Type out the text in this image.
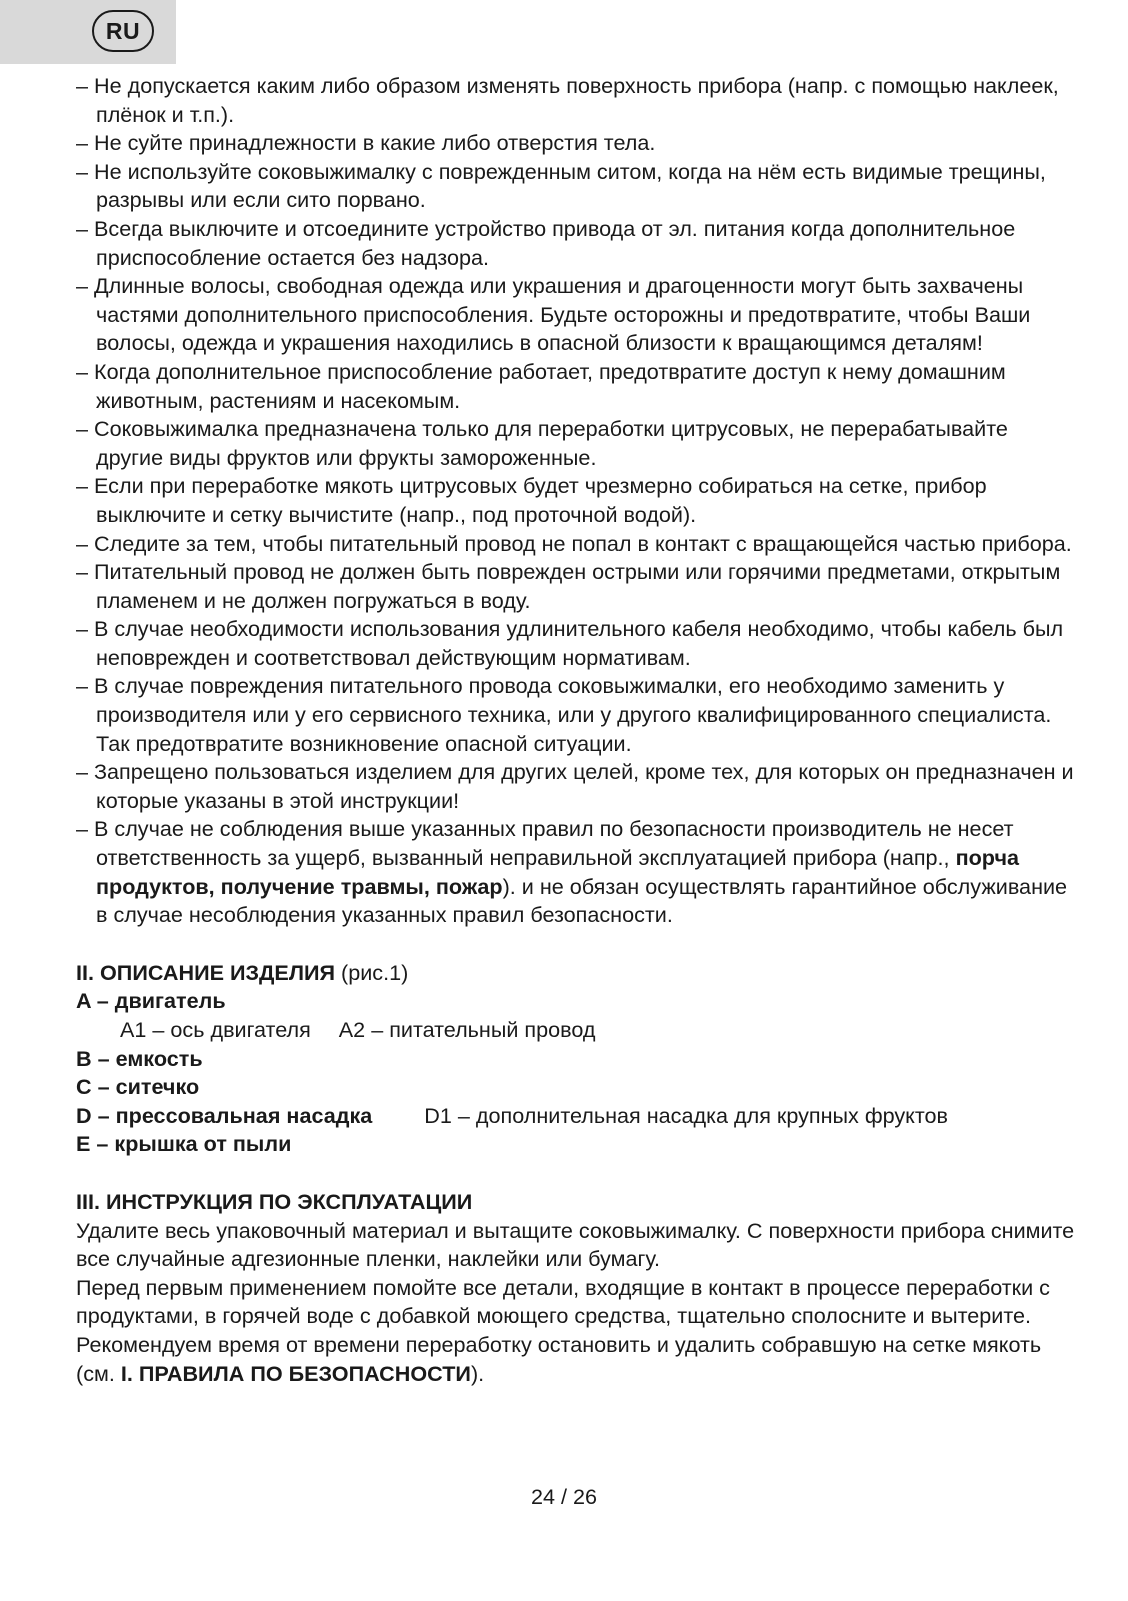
RU
– Не допускается каким либо образом изменять поверхность прибора (напр. с помощью наклеек, плёнок и т.п.).
– Не суйте принадлежности в какие либо отверстия тела.
– Не используйте соковыжималку с поврежденным ситом, когда на нём есть видимые трещины, разрывы или если сито порвано.
– Всегда выключите и отсоедините устройство привода от эл. питания когда дополнительное приспособление остается без надзора.
– Длинные волосы, свободная одежда или украшения и драгоценности могут быть захвачены частями дополнительного приспособления. Будьте осторожны и предотвратите, чтобы Ваши волосы, одежда и украшения находились в опасной близости к вращающимся деталям!
– Когда дополнительное приспособление работает, предотвратите доступ к нему домашним животным, растениям и насекомым.
– Соковыжималка предназначена только для переработки цитрусовых, не перерабатывайте другие виды фруктов или фрукты замороженные.
– Если при переработке мякоть цитрусовых будет чрезмерно собираться на сетке, прибор выключите и сетку вычистите (напр., под проточной водой).
– Следите за тем, чтобы питательный провод не попал в контакт с вращающейся частью прибора.
– Питательный провод не должен быть поврежден острыми или горячими предметами, открытым пламенем и не должен погружаться в воду.
– В случае необходимости использования удлинительного кабеля необходимо, чтобы кабель был неповрежден и соответствовал действующим нормативам.
– В случае повреждения питательного провода соковыжималки, его необходимо заменить у производителя или у его сервисного техника, или у другого квалифицированного специалиста. Так предотвратите возникновение опасной ситуации.
– Запрещено пользоваться изделием для других целей, кроме тех, для которых он предназначен и которые указаны в этой инструкции!
– В случае не соблюдения выше указанных правил по безопасности производитель не несет ответственность за ущерб, вызванный неправильной эксплуатацией прибора (напр., порча продуктов, получение травмы, пожар). и не обязан осуществлять гарантийное обслуживание в случае несоблюдения указанных правил безопасности.
II. ОПИСАНИЕ ИЗДЕЛИЯ (рис.1)
A – двигатель
A1 – ось двигателя A2 – питательный провод
B – емкость
C – ситечко
D – прессовальная насадка D1 – дополнительная насадка для крупных фруктов
E – крышка от пыли
III. ИНСТРУКЦИЯ ПО ЭКСПЛУАТАЦИИ

Удалите весь упаковочный материал и вытащите соковыжималку. С поверхности прибора снимите все случайные адгезионные пленки, наклейки или бумагу.

Перед первым применением помойте все детали, входящие в контакт в процессе переработки с продуктами, в горячей воде с добавкой моющего средства, тщательно сполосните и вытерите. Рекомендуем время от времени переработку остановить и удалить собравшую на сетке мякоть (см. I. ПРАВИЛА ПО БЕЗОПАСНОСТИ).

24 / 26
